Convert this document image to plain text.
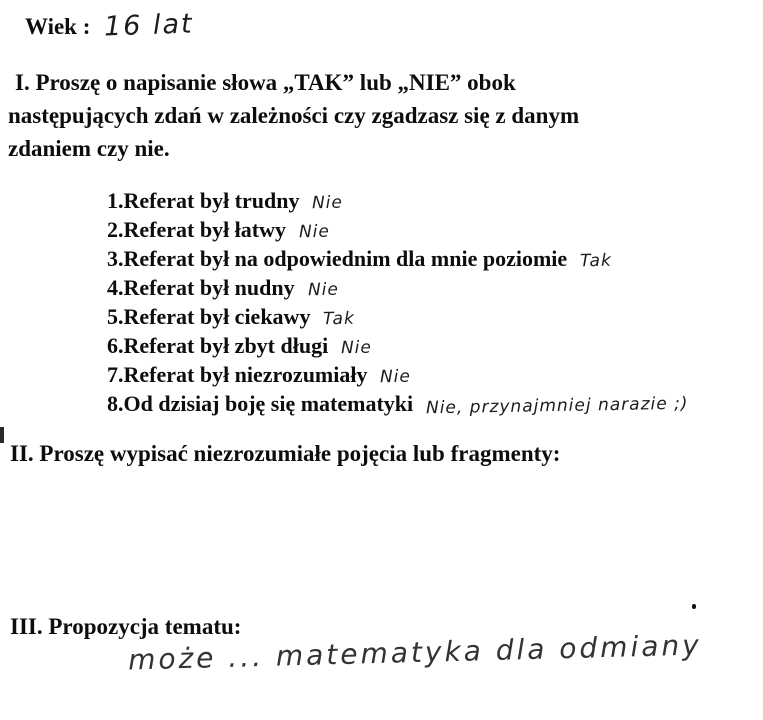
Wiek : 16 lat
I. Proszę o napisanie słowa „TAK” lub „NIE” obok
następujących zdań w zależności czy zgadzasz się z danym
zdaniem czy nie.
1.Referat był trudny Nie
2.Referat był łatwy Nie
3.Referat był na odpowiednim dla mnie poziomie Tak
4.Referat był nudny Nie
5.Referat był ciekawy Tak
6.Referat był zbyt długi Nie
7.Referat był niezrozumiały Nie
8.Od dzisiaj boję się matematyki Nie, przynajmniej narazie ;)
II. Proszę wypisać niezrozumiałe pojęcia lub fragmenty:
III. Propozycja tematu:
może ... matematyka dla odmiany
